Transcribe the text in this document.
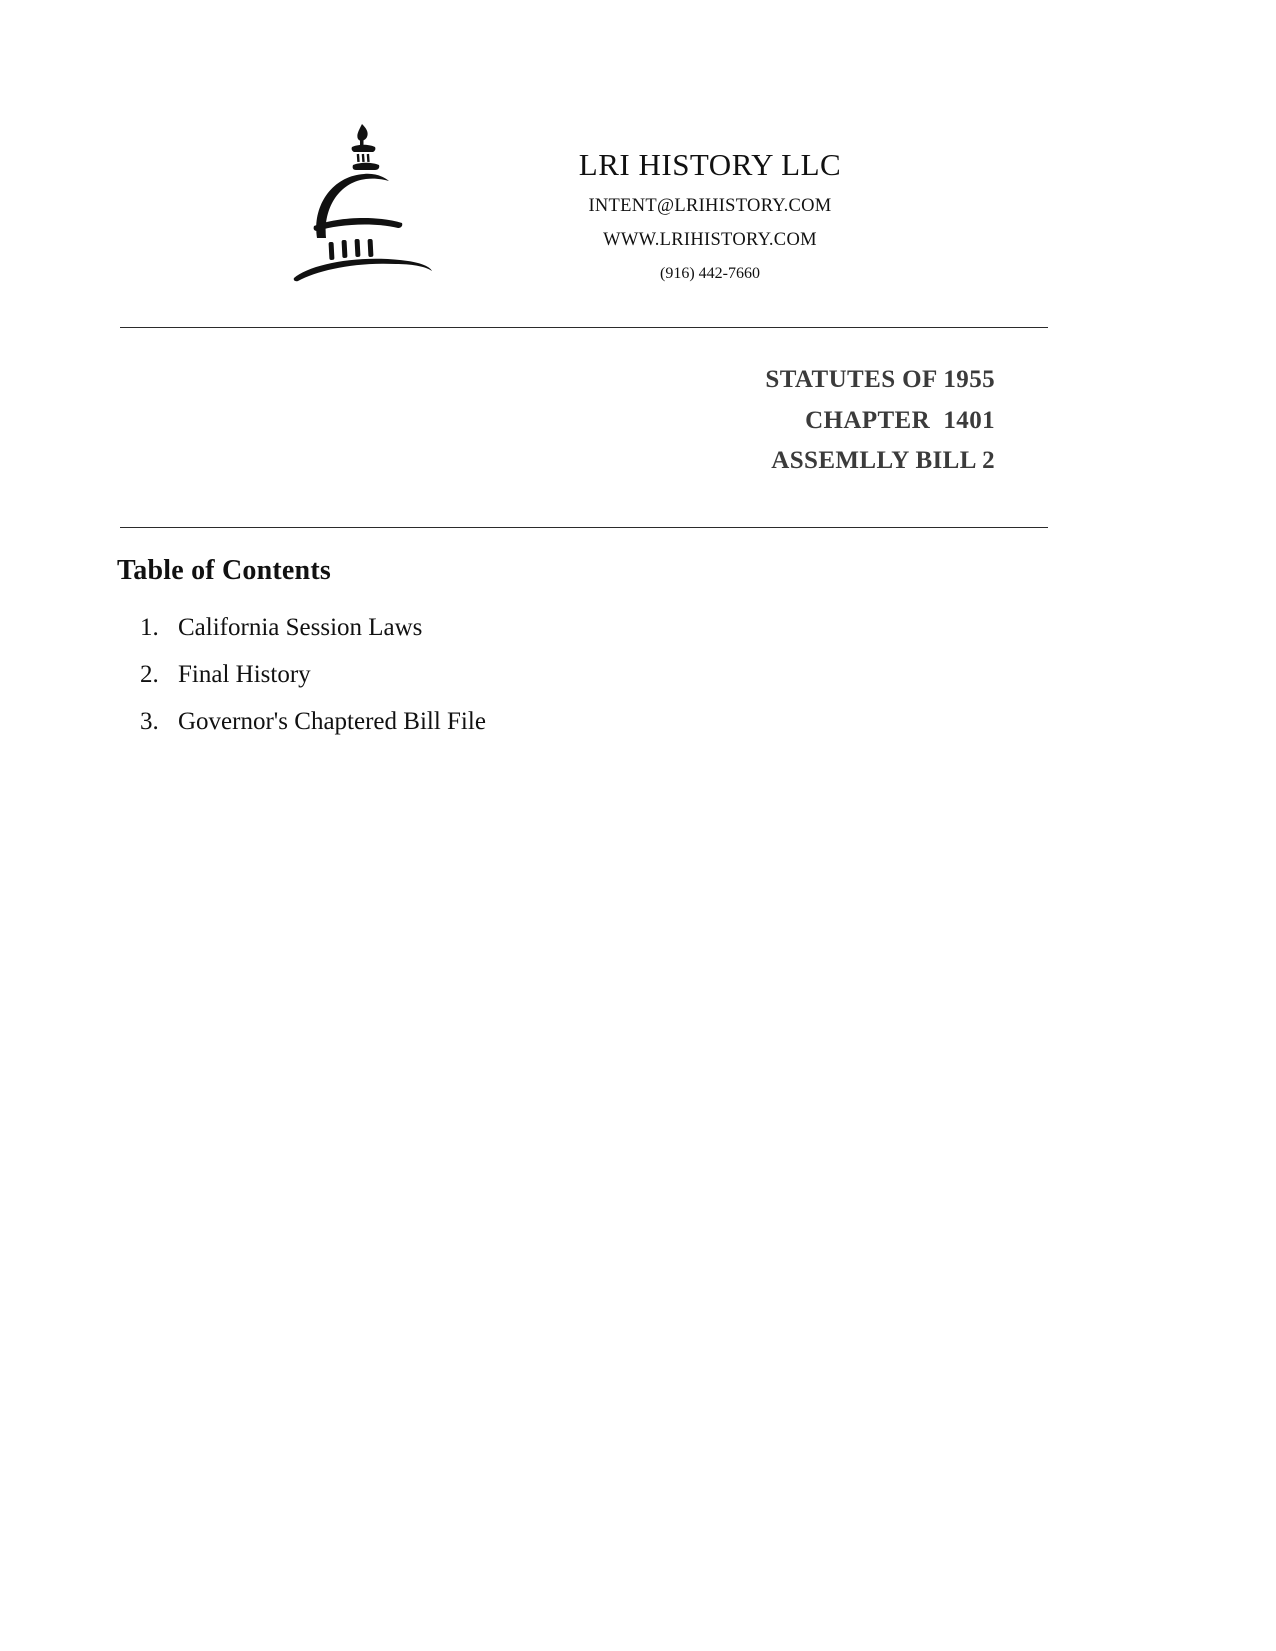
LRI HISTORY LLC
INTENT@LRIHISTORY.COM
WWW.LRIHISTORY.COM
(916) 442-7660
STATUTES OF 1955
CHAPTER  1401
ASSEMLLY BILL 2
Table of Contents
1. California Session Laws
2. Final History
3. Governor's Chaptered Bill File
